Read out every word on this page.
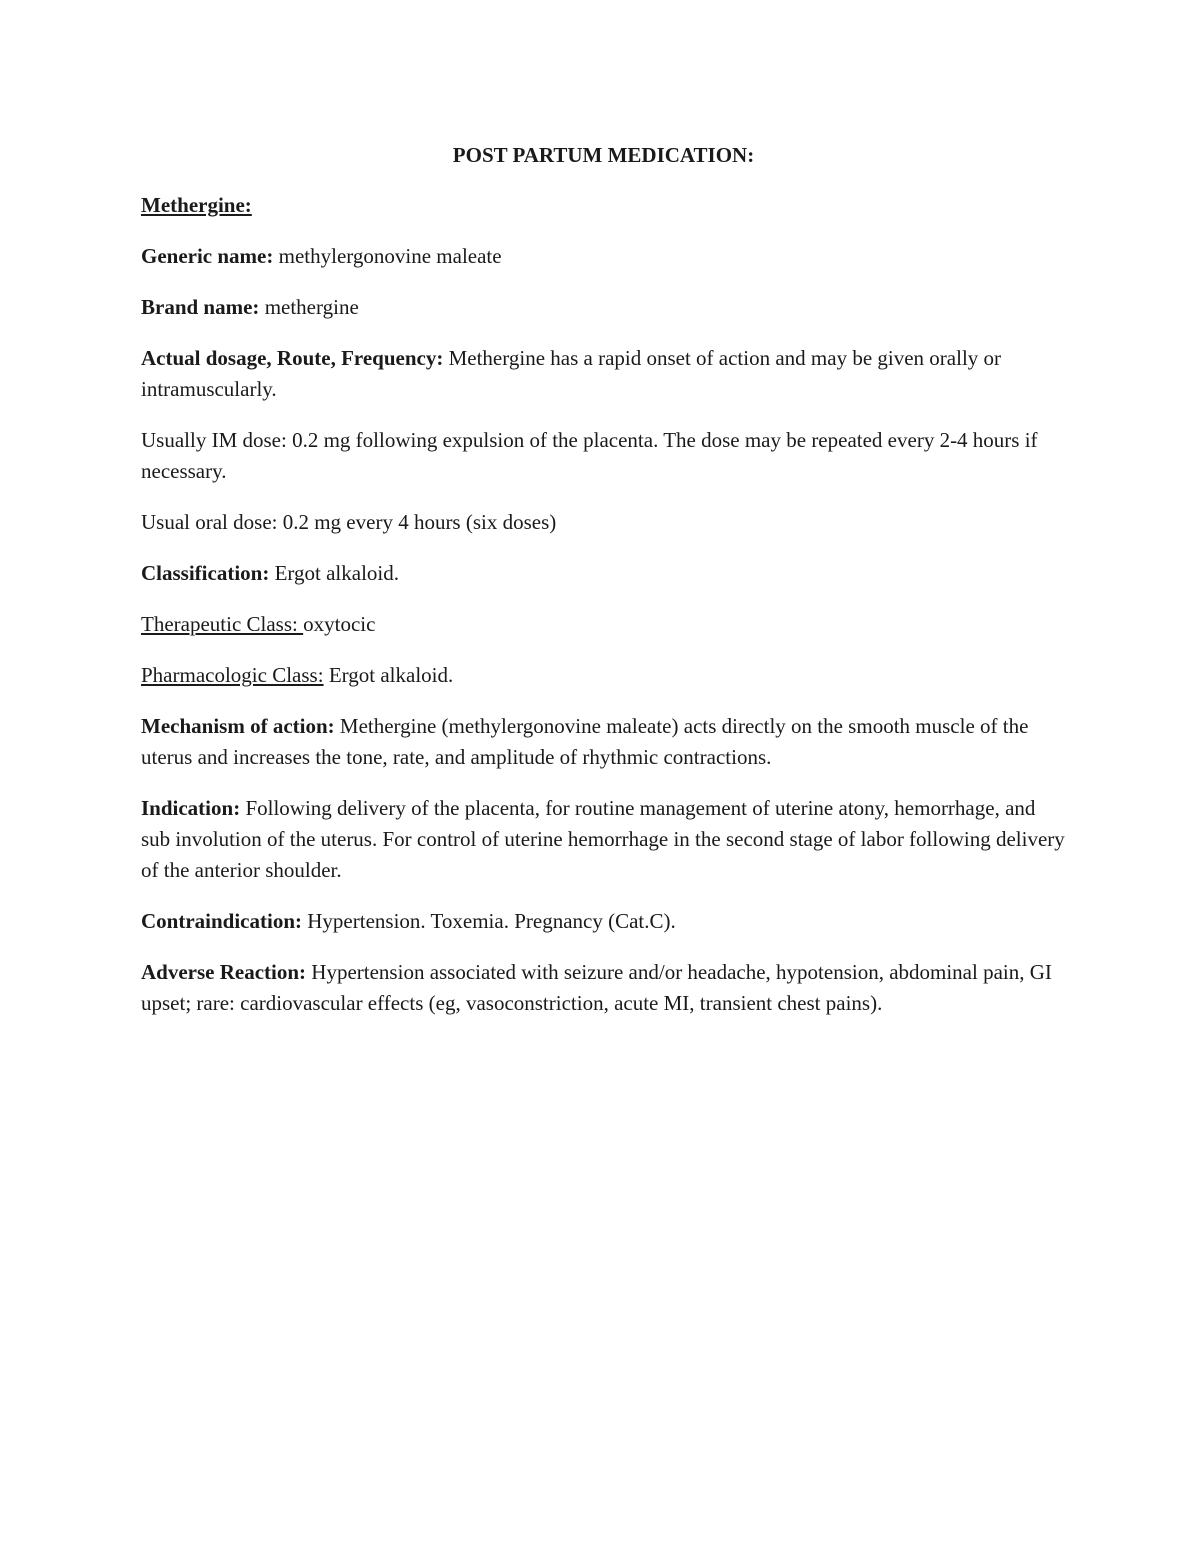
POST PARTUM MEDICATION:

Methergine:

Generic name: methylergonovine maleate

Brand name: methergine

Actual dosage, Route, Frequency: Methergine has a rapid onset of action and may be given orally or intramuscularly.

Usually IM dose: 0.2 mg following expulsion of the placenta. The dose may be repeated every 2-4 hours if necessary.

Usual oral dose: 0.2 mg every 4 hours (six doses)

Classification: Ergot alkaloid.

Therapeutic Class: oxytocic

Pharmacologic Class: Ergot alkaloid.

Mechanism of action: Methergine (methylergonovine maleate) acts directly on the smooth muscle of the uterus and increases the tone, rate, and amplitude of rhythmic contractions.

Indication: Following delivery of the placenta, for routine management of uterine atony, hemorrhage, and sub involution of the uterus. For control of uterine hemorrhage in the second stage of labor following delivery of the anterior shoulder.

Contraindication: Hypertension. Toxemia. Pregnancy (Cat.C).

Adverse Reaction: Hypertension associated with seizure and/or headache, hypotension, abdominal pain, GI upset; rare: cardiovascular effects (eg, vasoconstriction, acute MI, transient chest pains).
